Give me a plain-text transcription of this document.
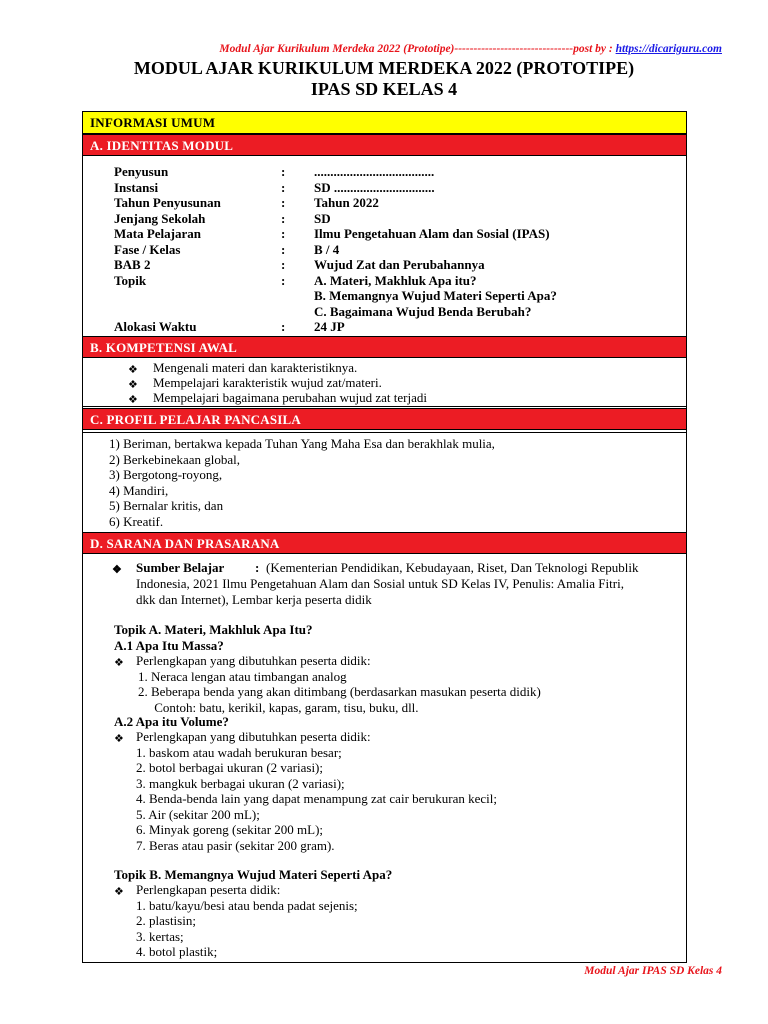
Modul Ajar Kurikulum Merdeka 2022 (Prototipe)-------------------------------post by : https://dicariguru.com
MODUL AJAR KURIKULUM MERDEKA 2022 (PROTOTIPE)
IPAS SD KELAS 4
INFORMASI UMUM
A. IDENTITAS MODUL
Penyusun	: .....................................
Instansi	: SD ...............................
Tahun Penyusunan	: Tahun 2022
Jenjang Sekolah	: SD
Mata Pelajaran	: Ilmu Pengetahuan Alam dan Sosial (IPAS)
Fase / Kelas	: B / 4
BAB 2	: Wujud Zat dan Perubahannya
Topik	: A. Materi, Makhluk Apa itu?
B. Memangnya Wujud Materi Seperti Apa?
C. Bagaimana Wujud Benda Berubah?
Alokasi Waktu	: 24 JP
B. KOMPETENSI AWAL
❖ Mengenali materi dan karakteristiknya.
❖ Mempelajari karakteristik wujud zat/materi.
❖ Mempelajari bagaimana perubahan wujud zat terjadi
C. PROFIL PELAJAR PANCASILA
1) Beriman, bertakwa kepada Tuhan Yang Maha Esa dan berakhlak mulia,
2) Berkebinekaan global,
3) Bergotong-royong,
4) Mandiri,
5) Bernalar kritis, dan
6) Kreatif.
D. SARANA DAN PRASARANA
❖ Sumber Belajar : (Kementerian Pendidikan, Kebudayaan, Riset, Dan Teknologi Republik
Indonesia, 2021 Ilmu Pengetahuan Alam dan Sosial untuk SD Kelas IV, Penulis: Amalia Fitri,
dkk dan Internet), Lembar kerja peserta didik
Topik A. Materi, Makhluk Apa Itu?
A.1 Apa Itu Massa?
❖ Perlengkapan yang dibutuhkan peserta didik:
1. Neraca lengan atau timbangan analog
2. Beberapa benda yang akan ditimbang (berdasarkan masukan peserta didik)
Contoh: batu, kerikil, kapas, garam, tisu, buku, dll.
A.2 Apa itu Volume?
❖ Perlengkapan yang dibutuhkan peserta didik:
1. baskom atau wadah berukuran besar;
2. botol berbagai ukuran (2 variasi);
3. mangkuk berbagai ukuran (2 variasi);
4. Benda-benda lain yang dapat menampung zat cair berukuran kecil;
5. Air (sekitar 200 mL);
6. Minyak goreng (sekitar 200 mL);
7. Beras atau pasir (sekitar 200 gram).
Topik B. Memangnya Wujud Materi Seperti Apa?
❖ Perlengkapan peserta didik:
1. batu/kayu/besi atau benda padat sejenis;
2. plastisin;
3. kertas;
4. botol plastik;
Modul Ajar IPAS SD Kelas 4
